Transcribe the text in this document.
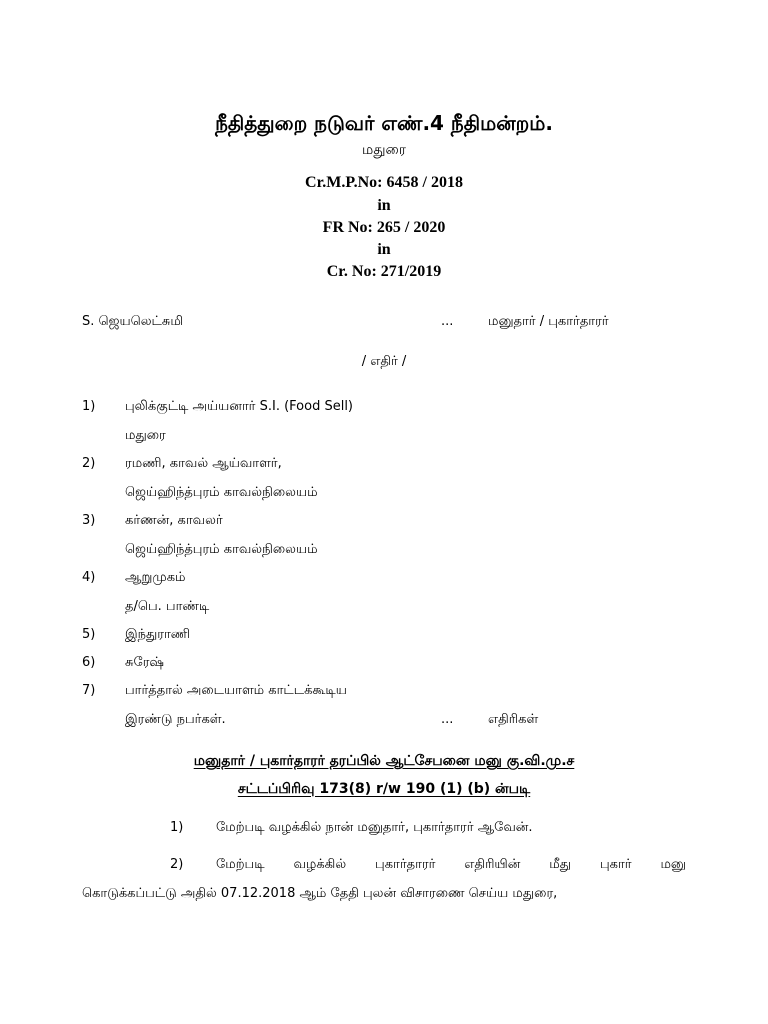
நீதித்துறை நடுவர் எண்.4 நீதிமன்றம்.
மதுரை
Cr.M.P.No: 6458 / 2018
in
FR No: 265 / 2020
in
Cr. No: 271/2019
S. ஜெயலெட்சுமி	...	மனுதார் / புகார்தாரர்
/ எதிர் /
1) புலிக்குட்டி அய்யனார் S.I. (Food Sell)
மதுரை
2) ரமணி, காவல் ஆய்வாளர்,
ஜெய்ஹிந்த்புரம் காவல்நிலையம்
3) கர்ணன், காவலர்
ஜெய்ஹிந்த்புரம் காவல்நிலையம்
4) ஆறுமுகம்
த/பெ. பாண்டி
5) இந்துராணி
6) சுரேஷ்
7) பார்த்தால் அடையாளம் காட்டக்கூடிய
இரண்டு நபர்கள்.	...	எதிரிகள்
மனுதார் / புகார்தாரர் தரப்பில் ஆட்சேபனை மனு கு.வி.மு.ச
சட்டப்பிரிவு 173(8) r/w 190 (1) (b) ன்படி
1)	மேற்படி வழக்கில் நான் மனுதார், புகார்தாரர் ஆவேன்.
2)	மேற்படி வழக்கில் புகார்தாரர் எதிரியின் மீது புகார் மனு
கொடுக்கப்பட்டு அதில் 07.12.2018 ஆம் தேதி புலன் விசாரணை செய்ய மதுரை,
